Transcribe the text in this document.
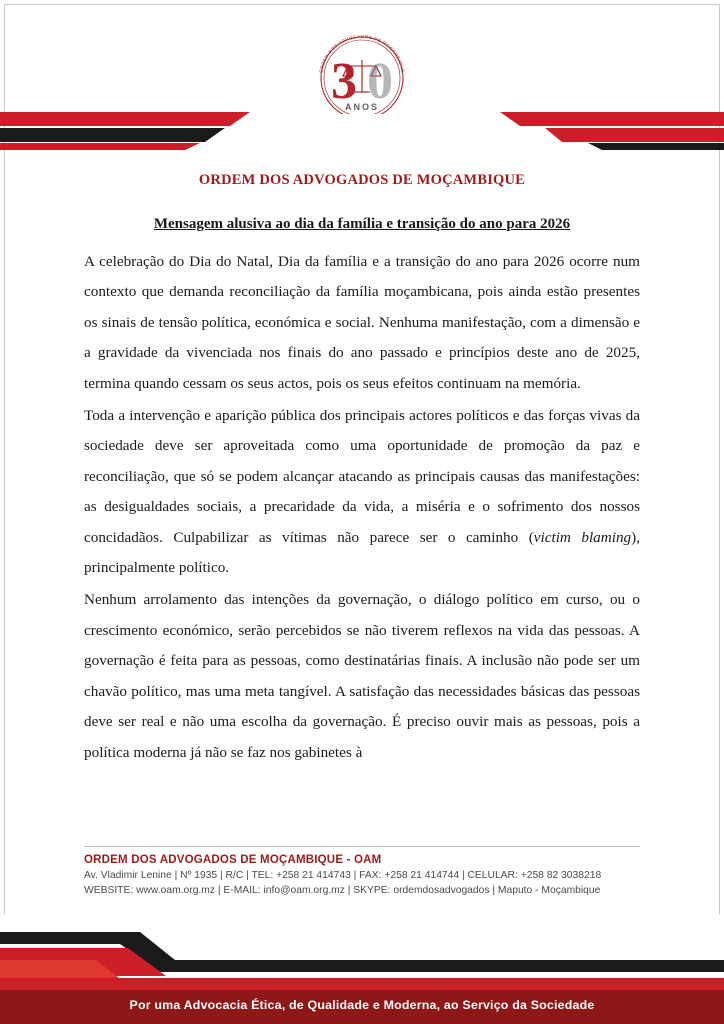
ORDEM DOS ADVOGADOS DE MOÇAMBIQUE
3 0
ANOS
ORDEM DOS ADVOGADOS DE MOÇAMBIQUE
Mensagem alusiva ao dia da família e transição do ano para 2026

A celebração do Dia do Natal, Dia da família e a transição do ano para 2026 ocorre num contexto que demanda reconciliação da família moçambicana, pois ainda estão presentes os sinais de tensão política, económica e social. Nenhuma manifestação, com a dimensão e a gravidade da vivenciada nos finais do ano passado e princípios deste ano de 2025, termina quando cessam os seus actos, pois os seus efeitos continuam na memória.

Toda a intervenção e aparição pública dos principais actores políticos e das forças vivas da sociedade deve ser aproveitada como uma oportunidade de promoção da paz e reconciliação, que só se podem alcançar atacando as principais causas das manifestações: as desigualdades sociais, a precaridade da vida, a miséria e o sofrimento dos nossos concidadãos. Culpabilizar as vítimas não parece ser o caminho (victim blaming), principalmente político.

Nenhum arrolamento das intenções da governação, o diálogo político em curso, ou o crescimento económico, serão percebidos se não tiverem reflexos na vida das pessoas. A governação é feita para as pessoas, como destinatárias finais. A inclusão não pode ser um chavão político, mas uma meta tangível. A satisfação das necessidades básicas das pessoas deve ser real e não uma escolha da governação. É preciso ouvir mais as pessoas, pois a política moderna já não se faz nos gabinetes à

ORDEM DOS ADVOGADOS DE MOÇAMBIQUE - OAM
Av. Vladimir Lenine | Nº 1935 | R/C | TEL: +258 21 414743 | FAX: +258 21 414744 | CELULAR: +258 82 3038218
WEBSITE: www.oam.org.mz | E-MAIL: info@oam.org.mz | SKYPE: ordemdosadvogados | Maputo - Moçambique
Por uma Advocacia Ética, de Qualidade e Moderna, ao Serviço da Sociedade
